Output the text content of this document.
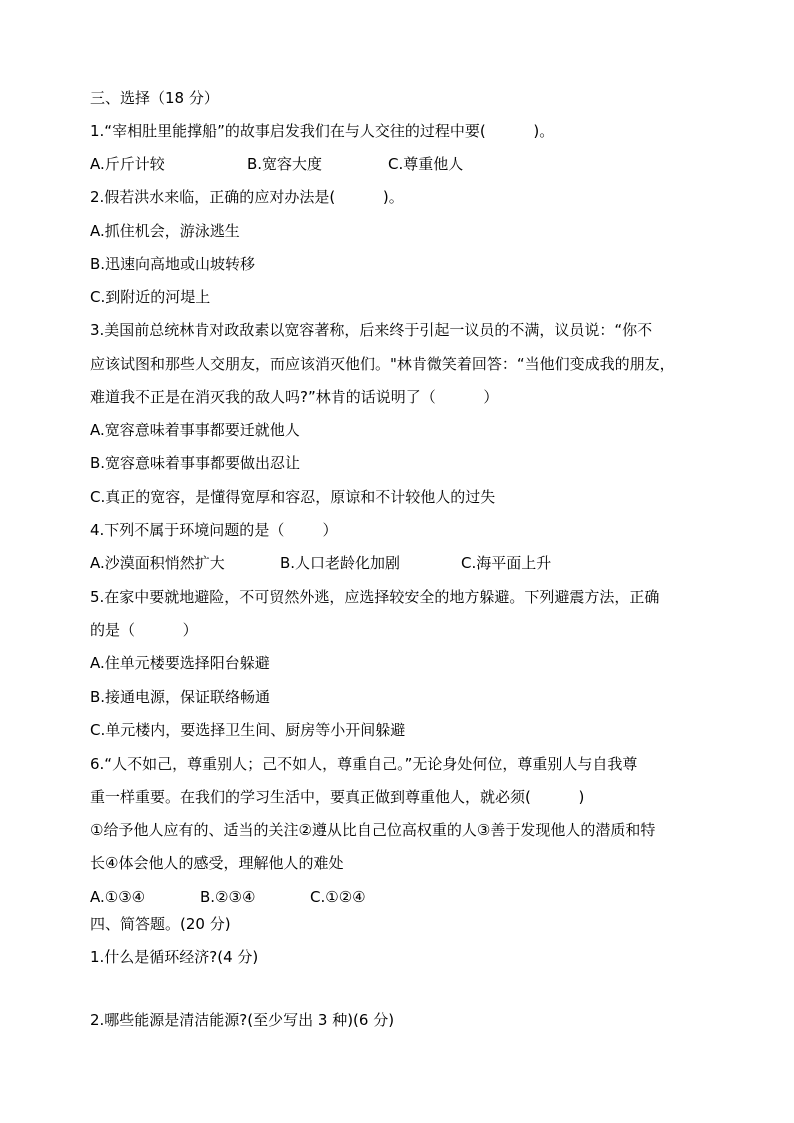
三、选择（18 分）
1.“宰相肚里能撑船”的故事启发我们在与人交往的过程中要(          )。

A.斤斤计较

	B.宽容大度

	C.尊重他人

2.假若洪水来临，正确的应对办法是(          )。
A.抓住机会，游泳逃生
B.迅速向高地或山坡转移
C.到附近的河堤上
3.美国前总统林肯对政敌素以宽容著称，后来终于引起一议员的不满，议员说：“你不
应该试图和那些人交朋友，而应该消灭他们。"林肯微笑着回答：“当他们变成我的朋友，
难道我不正是在消灭我的敌人吗?”林肯的话说明了（          ）
A.宽容意味着事事都要迁就他人
B.宽容意味着事事都要做出忍让
C.真正的宽容，是懂得宽厚和容忍，原谅和不计较他人的过失
4.下列不属于环境问题的是（        ）

A.沙漠面积悄然扩大

	B.人口老龄化加剧

	C.海平面上升

5.在家中要就地避险，不可贸然外逃，应选择较安全的地方躲避。下列避震方法，正确
的是（          ）
A.住单元楼要选择阳台躲避
B.接通电源，保证联络畅通
C.单元楼内，要选择卫生间、厨房等小开间躲避
6.“人不如己，尊重别人；己不如人，尊重自己。”无论身处何位，尊重别人与自我尊
重一样重要。在我们的学习生活中，要真正做到尊重他人，就必须(          )
①给予他人应有的、适当的关注②遵从比自己位高权重的人③善于发现他人的潜质和特
长④体会他人的感受，理解他人的难处

A.①③④

	B.②③④

	C.①②④

四、简答题。(20 分)
1.什么是循环经济?(4 分)
2.哪些能源是清洁能源?(至少写出 3 种)(6 分)
